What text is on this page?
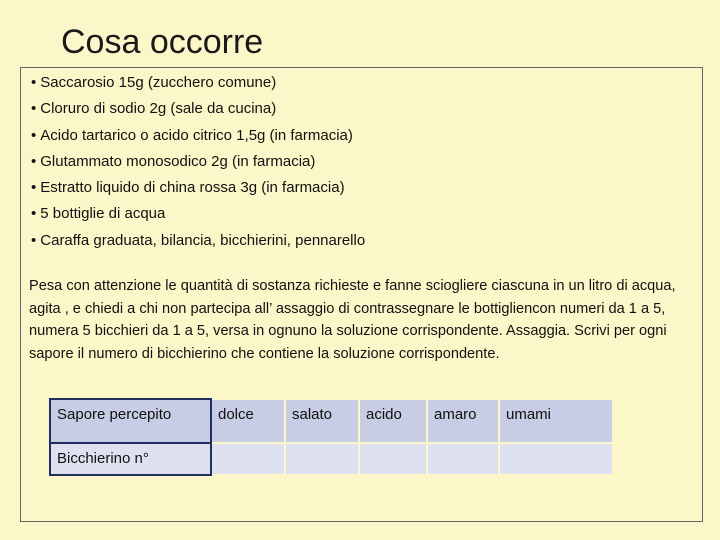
Cosa occorre
• Saccarosio 15g (zucchero comune)
• Cloruro di sodio 2g (sale da cucina)
• Acido tartarico o acido citrico 1,5g (in farmacia)
• Glutammato monosodico 2g (in farmacia)
• Estratto liquido di china rossa 3g (in farmacia)
• 5 bottiglie di acqua
• Caraffa graduata, bilancia, bicchierini, pennarello
Pesa con attenzione le quantità di sostanza richieste e fanne sciogliere ciascuna in un litro di acqua, agita , e chiedi a chi non partecipa all’ assaggio di contrassegnare le bottigliencon numeri da 1 a 5, numera 5 bicchieri da 1 a 5, versa in ognuno la soluzione corrispondente. Assaggia. Scrivi per ogni sapore il numero di bicchierino che contiene la soluzione corrispondente.
Sapore percepito	dolce	salato	acido	amaro	umami
Bicchierino n°					
